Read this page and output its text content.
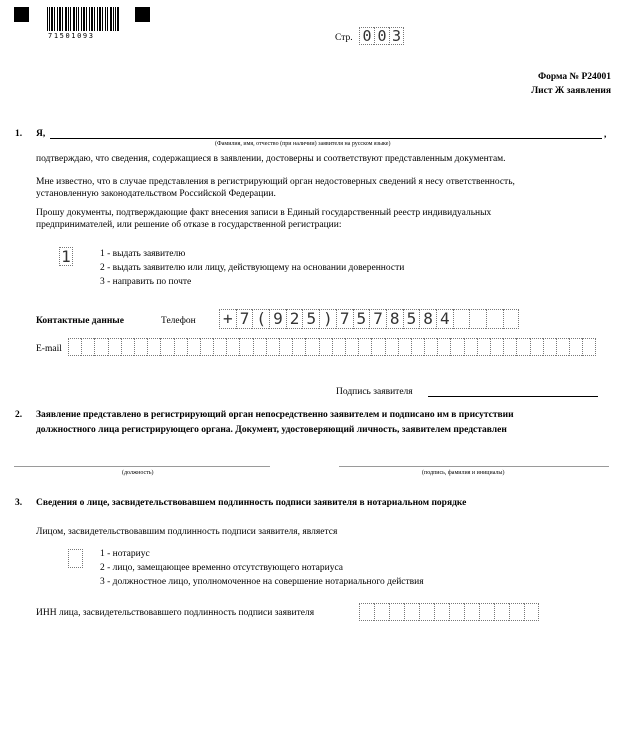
71501093	Стр. 0 0 3
Форма № Р24001
Лист Ж заявления
1. Я,	,
(Фамилия, имя, отчество (при наличии) заявителя на русском языке)
подтверждаю, что сведения, содержащиеся в заявлении, достоверны и соответствуют представленным документам.
Мне известно, что в случае представления в регистрирующий орган недостоверных сведений я несу ответственность,
установленную законодательством Российской Федерации.
Прошу документы, подтверждающие факт внесения записи в Единый государственный реестр индивидуальных
предпринимателей, или решение об отказе в государственной регистрации:
1	1 - выдать заявителю
2 - выдать заявителю или лицу, действующему на основании доверенности
3 - направить по почте
Контактные данные	Телефон + 7 ( 9 2 5 ) 7 5 7 8 5 8 4
E-mail
Подпись заявителя
2. Заявление представлено в регистрирующий орган непосредственно заявителем и подписано им в присутствии
должностного лица регистрирующего органа. Документ, удостоверяющий личность, заявителем представлен
(должность)	(подпись, фамилия и инициалы)
3. Сведения о лице, засвидетельствовавшем подлинность подписи заявителя в нотариальном порядке
Лицом, засвидетельствовавшим подлинность подписи заявителя, является
1 - нотариус
2 - лицо, замещающее временно отсутствующего нотариуса
3 - должностное лицо, уполномоченное на совершение нотариального действия
ИНН лица, засвидетельствовавшего подлинность подписи заявителя
